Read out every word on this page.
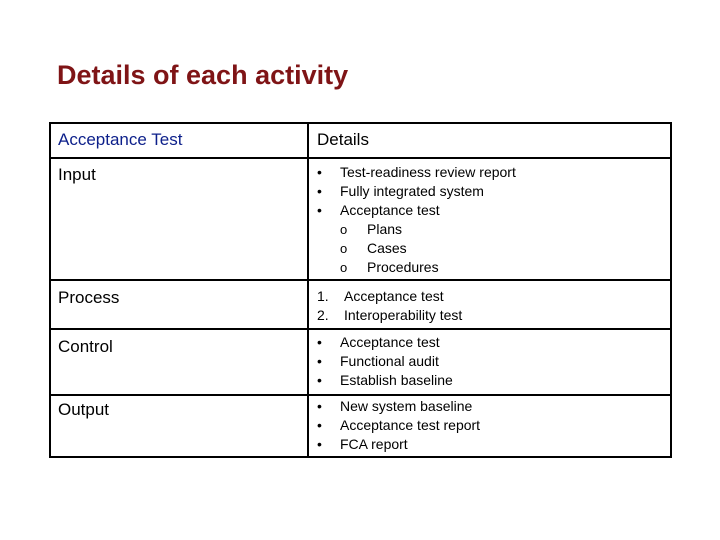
Details of each activity
Acceptance Test	Details
Input	•	Test-readiness review report
•	Fully integrated system
•	Acceptance test
o	Plans
o	Cases
o	Procedures
Process	1.	Acceptance test
2.	Interoperability test
Control	•	Acceptance test
•	Functional audit
•	Establish baseline
Output	•	New system baseline
•	Acceptance test report
•	FCA report
